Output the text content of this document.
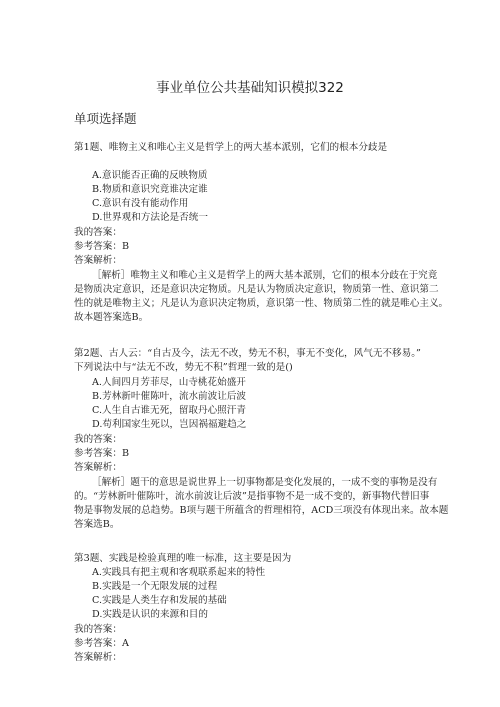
事业单位公共基础知识模拟322
单项选择题
第1题、唯物主义和唯心主义是哲学上的两大基本派别，它们的根本分歧是
A.意识能否正确的反映物质
B.物质和意识究竟谁决定谁
C.意识有没有能动作用
D.世界观和方法论是否统一
我的答案：
参考答案：B
答案解析：
［解析］唯物主义和唯心主义是哲学上的两大基本派别，它们的根本分歧在于究竟
是物质决定意识，还是意识决定物质。凡是认为物质决定意识，物质第一性、意识第二
性的就是唯物主义；凡是认为意识决定物质，意识第一性、物质第二性的就是唯心主义。
故本题答案选B。
第2题、古人云：“自古及今，法无不改，势无不积，事无不变化，风气无不移易。”
下列说法中与“法无不改，势无不积”哲理一致的是()
A.人间四月芳菲尽，山寺桃花始盛开
B.芳林新叶催陈叶，流水前波让后波
C.人生自古谁无死，留取丹心照汗青
D.苟利国家生死以，岂因祸福避趋之
我的答案：
参考答案：B
答案解析：
［解析］题干的意思是说世界上一切事物都是变化发展的，一成不变的事物是没有
的。“芳林新叶催陈叶，流水前波让后波”是指事物不是一成不变的，新事物代替旧事
物是事物发展的总趋势。B项与题干所蕴含的哲理相符，ACD三项没有体现出来。故本题
答案选B。
第3题、实践是检验真理的唯一标准，这主要是因为
A.实践具有把主观和客观联系起来的特性
B.实践是一个无限发展的过程
C.实践是人类生存和发展的基础
D.实践是认识的来源和目的
我的答案：
参考答案：A
答案解析：
